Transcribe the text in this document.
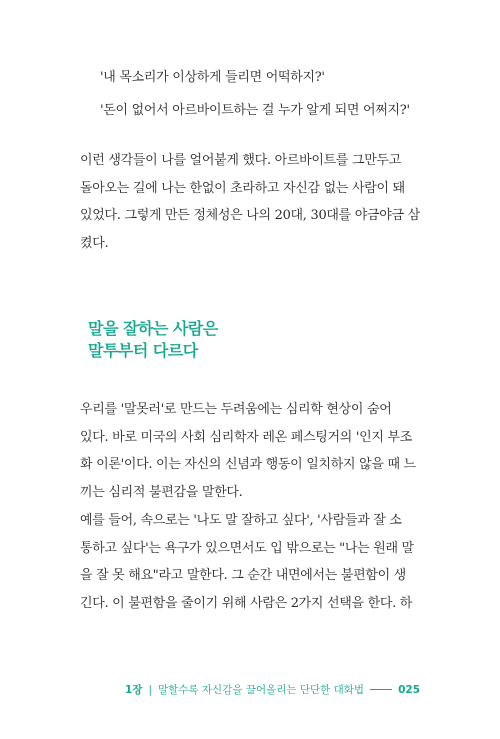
'내 목소리가 이상하게 들리면 어떡하지?'
'돈이 없어서 아르바이트하는 걸 누가 알게 되면 어쩌지?'
이런 생각들이 나를 얼어붙게 했다. 아르바이트를 그만두고
돌아오는 길에 나는 한없이 초라하고 자신감 없는 사람이 돼
있었다. 그렇게 만든 정체성은 나의 20대, 30대를 야금야금 삼
켰다.
말을 잘하는 사람은
말투부터 다르다
우리를 '말못러'로 만드는 두려움에는 심리학 현상이 숨어
있다. 바로 미국의 사회 심리학자 레온 페스팅거의 '인지 부조
화 이론'이다. 이는 자신의 신념과 행동이 일치하지 않을 때 느
끼는 심리적 불편감을 말한다.
예를 들어, 속으로는 '나도 말 잘하고 싶다', '사람들과 잘 소
통하고 싶다'는 욕구가 있으면서도 입 밖으로는 "나는 원래 말
을 잘 못 해요"라고 말한다. 그 순간 내면에서는 불편함이 생
긴다. 이 불편함을 줄이기 위해 사람은 2가지 선택을 한다. 하
1장 | 말할수록 자신감을 끌어올리는 단단한 대화법	025
